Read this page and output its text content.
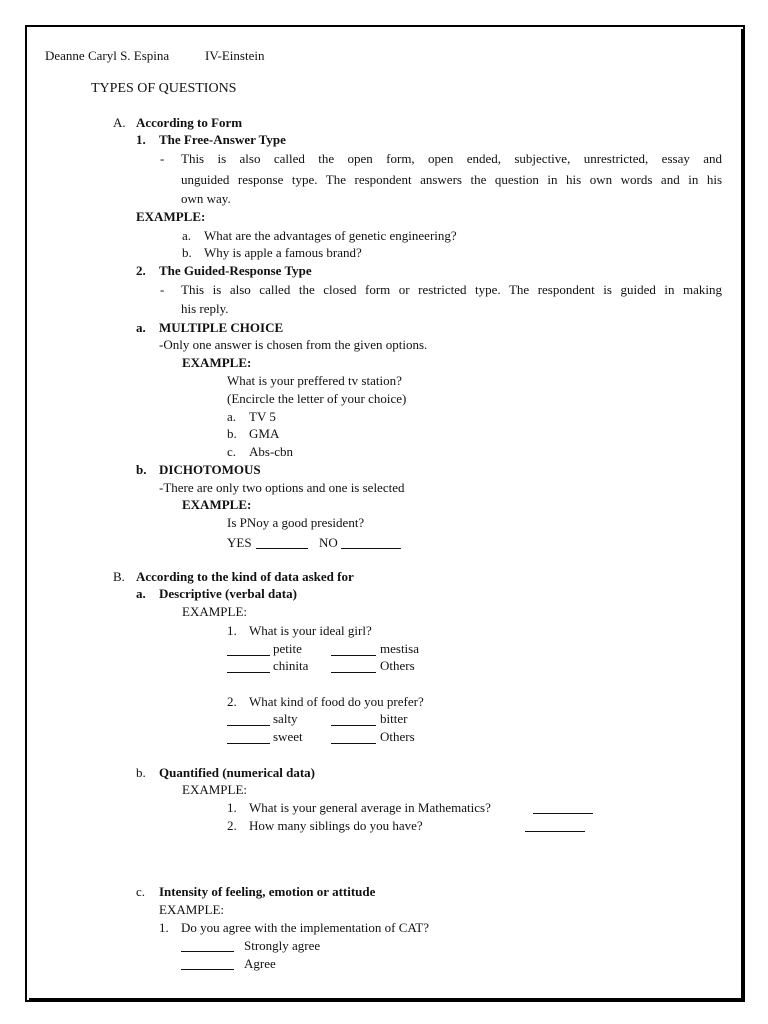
Deanne Caryl S. Espina	IV-Einstein
TYPES OF QUESTIONS
A. According to Form
1. The Free-Answer Type
- This is also called the open form, open ended, subjective, unrestricted, essay and
unguided response type. The respondent answers the question in his own words and in his
own way.
EXAMPLE:
a. What are the advantages of genetic engineering?
b. Why is apple a famous brand?
2. The Guided-Response Type
- This is also called the closed form or restricted type. The respondent is guided in making
his reply.
a. MULTIPLE CHOICE
-Only one answer is chosen from the given options.
EXAMPLE:
What is your preffered tv station?
(Encircle the letter of your choice)
a. TV 5
b. GMA
c. Abs-cbn
b. DICHOTOMOUS
-There are only two options and one is selected
EXAMPLE:
Is PNoy a good president?
YES	NO
B. According to the kind of data asked for
a. Descriptive (verbal data)
EXAMPLE:
1. What is your ideal girl?
petite	mestisa
chinita	Others
2. What kind of food do you prefer?
salty	bitter
sweet	Others
b. Quantified (numerical data)
EXAMPLE:
1. What is your general average in Mathematics?
2. How many siblings do you have?
c. Intensity of feeling, emotion or attitude
EXAMPLE:
1. Do you agree with the implementation of CAT?
Strongly agree
Agree
